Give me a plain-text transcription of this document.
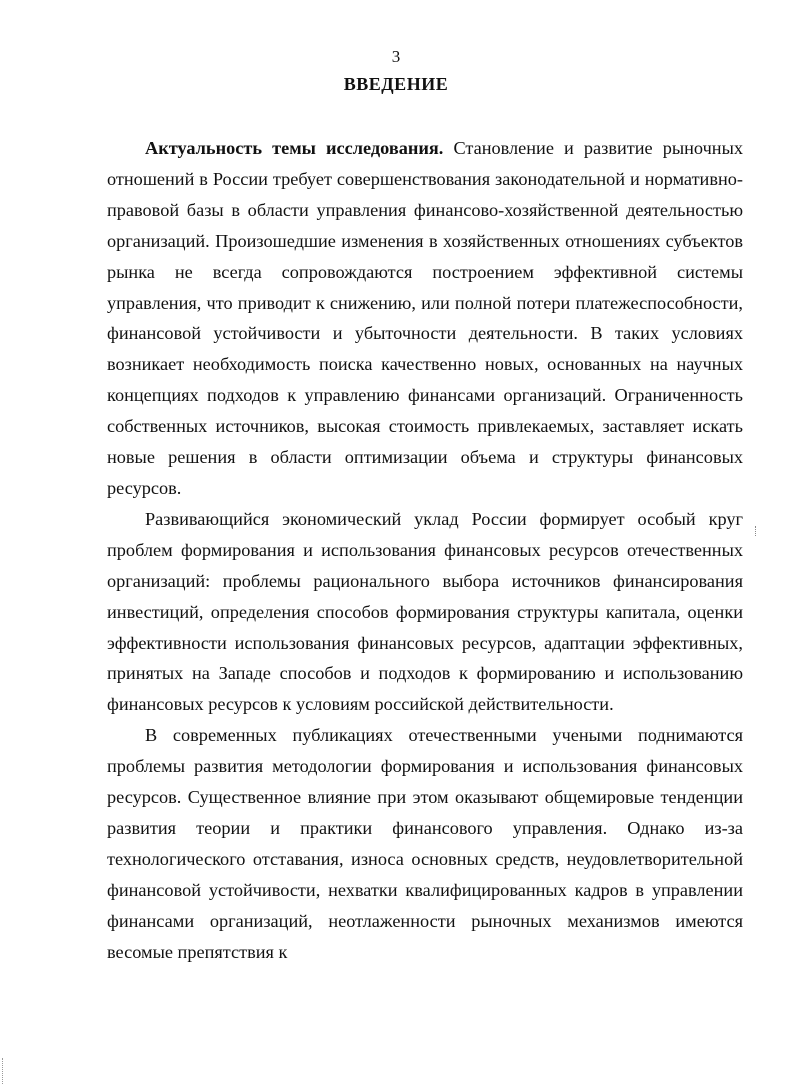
3
ВВЕДЕНИЕ

Актуальность темы исследования. Становление и развитие рыночных отношений в России требует совершенствования законодательной и нормативно-правовой базы в области управления финансово-хозяйственной деятельностью организаций. Произошедшие изменения в хозяйственных отношениях субъектов рынка не всегда сопровождаются построением эффективной системы управления, что приводит к снижению, или полной потери платежеспособности, финансовой устойчивости и убыточности деятельности. В таких условиях возникает необходимость поиска качественно новых, основанных на научных концепциях подходов к управлению финансами организаций. Ограниченность собственных источников, высокая стоимость привлекаемых, заставляет искать новые решения в области оптимизации объема и структуры финансовых ресурсов.

Развивающийся экономический уклад России формирует особый круг проблем формирования и использования финансовых ресурсов отечественных организаций: проблемы рационального выбора источников финансирования инвестиций, определения способов формирования структуры капитала, оценки эффективности использования финансовых ресурсов, адаптации эффективных, принятых на Западе способов и подходов к формированию и использованию финансовых ресурсов к условиям российской действительности.

В современных публикациях отечественными учеными поднимаются проблемы развития методологии формирования и использования финансовых ресурсов. Существенное влияние при этом оказывают общемировые тенденции развития теории и практики финансового управления. Однако из-за технологического отставания, износа основных средств, неудовлетворительной финансовой устойчивости, нехватки квалифицированных кадров в управлении финансами организаций, неотлаженности рыночных механизмов имеются весомые препятствия к
